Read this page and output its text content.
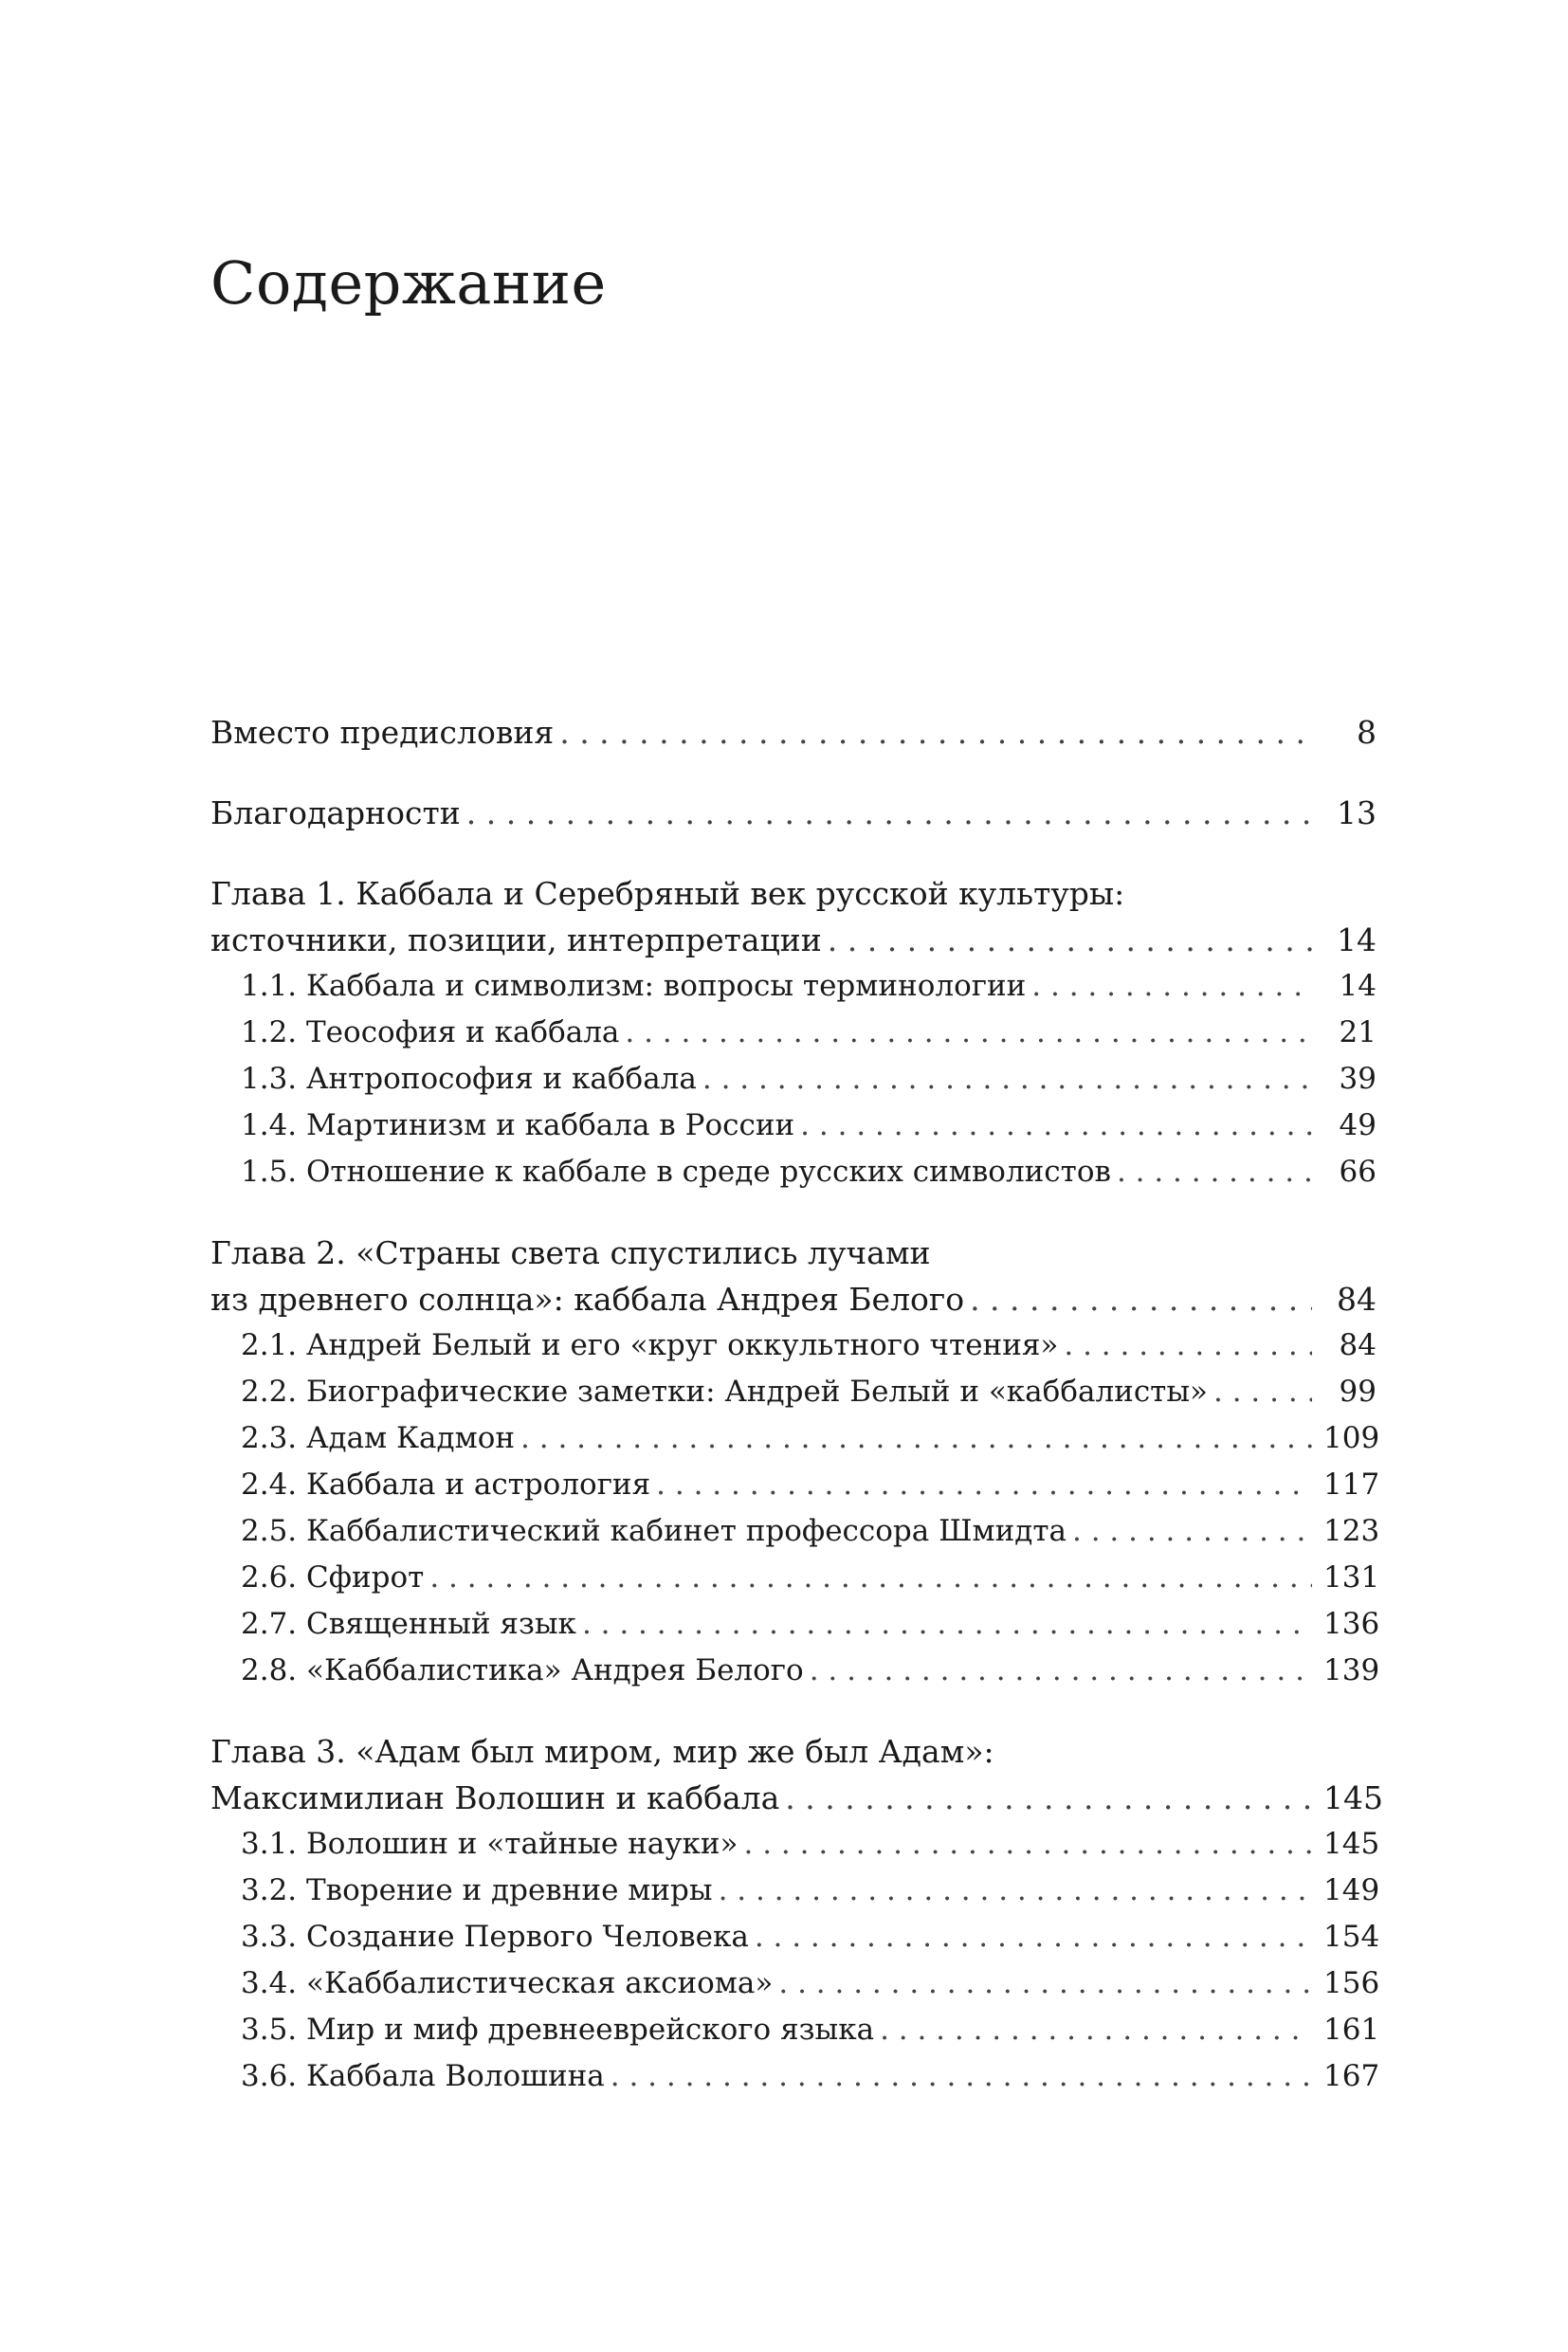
Содержание
Вместо предисловия . . .	8
Благодарности . . .	13
Глава 1. Каббала и Серебряный век русской культуры:
источники, позиции, интерпретации . . .	14
1.1. Каббала и символизм: вопросы терминологии . . .	14
1.2. Теософия и каббала . . .	21
1.3. Антропософия и каббала . . .	39
1.4. Мартинизм и каббала в России . . .	49
1.5. Отношение к каббале в среде русских символистов . . .	66
Глава 2. «Страны света спустились лучами
из древнего солнца»: каббала Андрея Белого . . .	84
2.1. Андрей Белый и его «круг оккультного чтения» . . .	84
2.2. Биографические заметки: Андрей Белый и «каббалисты» . . .	99
2.3. Адам Кадмон . . .	109
2.4. Каббала и астрология . . .	117
2.5. Каббалистический кабинет профессора Шмидта . . .	123
2.6. Сфирот . . .	131
2.7. Священный язык . . .	136
2.8. «Каббалистика» Андрея Белого . . .	139
Глава 3. «Адам был миром, мир же был Адам»:
Максимилиан Волошин и каббала . . .	145
3.1. Волошин и «тайные науки» . . .	145
3.2. Творение и древние миры . . .	149
3.3. Создание Первого Человека . . .	154
3.4. «Каббалистическая аксиома» . . .	156
3.5. Мир и миф древнееврейского языка . . .	161
3.6. Каббала Волошина . . .	167
